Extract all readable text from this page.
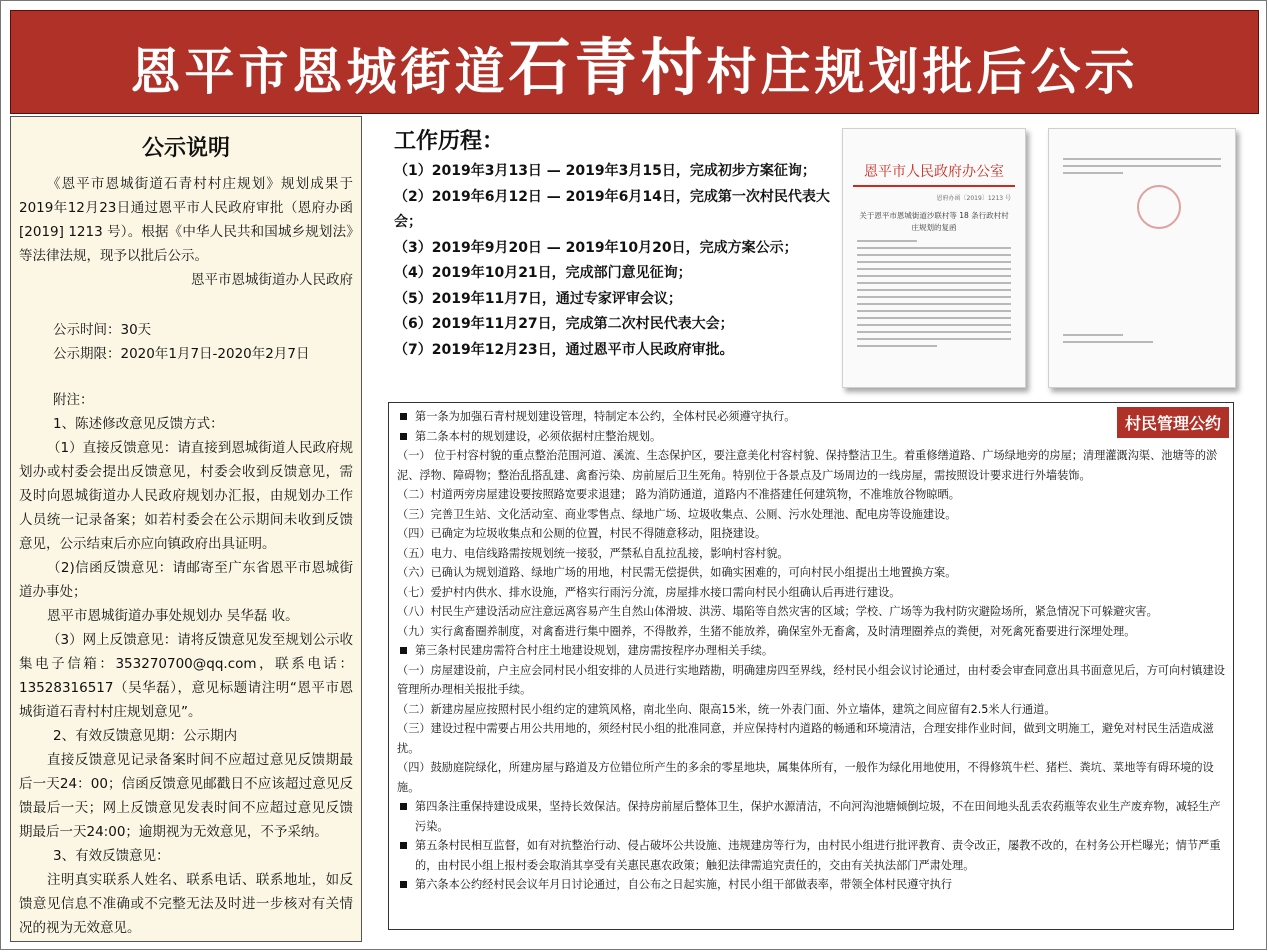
恩平市恩城街道石青村村庄规划批后公示
公示说明

《恩平市恩城街道石青村村庄规划》规划成果于2019年12月23日通过恩平市人民政府审批（恩府办函 [2019] 1213 号）。根据《中华人民共和国城乡规划法》等法律法规，现予以批后公示。

恩平市恩城街道办人民政府

公示时间：30天

公示期限：2020年1月7日-2020年2月7日

附注：

1、陈述修改意见反馈方式：

（1）直接反馈意见：请直接到恩城街道人民政府规划办或村委会提出反馈意见，村委会收到反馈意见，需及时向恩城街道办人民政府规划办汇报，由规划办工作人员统一记录备案；如若村委会在公示期间未收到反馈意见，公示结束后亦应向镇政府出具证明。

（2)信函反馈意见：请邮寄至广东省恩平市恩城街道办事处；

恩平市恩城街道办事处规划办 吴华磊 收。

（3）网上反馈意见：请将反馈意见发至规划公示收集电子信箱：353270700@qq.com，联系电话：13528316517（吴华磊），意见标题请注明“恩平市恩城街道石青村村庄规划意见”。

2、有效反馈意见期：公示期内

直接反馈意见记录备案时间不应超过意见反馈期最后一天24：00；信函反馈意见邮戳日不应该超过意见反馈最后一天；网上反馈意见发表时间不应超过意见反馈期最后一天24:00；逾期视为无效意见，不予采纳。

3、有效反馈意见：

注明真实联系人姓名、联系电话、联系地址，如反馈意见信息不准确或不完整无法及时进一步核对有关情况的视为无效意见。

工作历程：

（1）2019年3月13日 — 2019年3月15日，完成初步方案征询；

（2）2019年6月12日 — 2019年6月14日，完成第一次村民代表大会；

（3）2019年9月20日 — 2019年10月20日，完成方案公示；

（4）2019年10月21日，完成部门意见征询；

（5）2019年11月7日，通过专家评审会议；

（6）2019年11月27日，完成第二次村民代表大会；

（7）2019年12月23日，通过恩平市人民政府审批。

恩平市人民政府办公室
恩府办函〔2019〕1213 号
关于恩平市恩城街道沙联村等 18 条行政村村庄规划的复函
村民管理公约

第一条为加强石青村规划建设管理，特制定本公约，全体村民必须遵守执行。

第二条本村的规划建设，必须依据村庄整治规划。

（一） 位于村容村貌的重点整治范围河道、溪流、生态保护区，要注意美化村容村貌、保持整洁卫生。着重修缮道路、广场绿地旁的房屋；清理灌溉沟渠、池塘等的淤泥、浮物、障碍物；整治乱搭乱建、禽畜污染、房前屋后卫生死角。特别位于各景点及广场周边的一线房屋，需按照设计要求进行外墙装饰。

（二）村道两旁房屋建设要按照路宽要求退建； 路为消防通道，道路内不准搭建任何建筑物，不准堆放谷物晾晒。

（三）完善卫生站、文化活动室、商业零售点、绿地广场、垃圾收集点、公厕、污水处理池、配电房等设施建设。

（四）已确定为垃圾收集点和公厕的位置，村民不得随意移动，阻挠建设。

（五）电力、电信线路需按规划统一接驳，严禁私自乱拉乱接，影响村容村貌。

（六）已确认为规划道路、绿地广场的用地，村民需无偿提供，如确实困难的，可向村民小组提出土地置换方案。

（七）爱护村内供水、排水设施，严格实行雨污分流，房屋排水接口需向村民小组确认后再进行建设。

（八）村民生产建设活动应注意远离容易产生自然山体滑坡、洪涝、塌陷等自然灾害的区域；学校、广场等为我村防灾避险场所，紧急情况下可躲避灾害。

（九）实行禽畜圈养制度，对禽畜进行集中圈养，不得散养，生猪不能放养，确保室外无畜禽，及时清理圈养点的粪便，对死禽死畜要进行深埋处理。

第三条村民建房需符合村庄土地建设规划，建房需按程序办理相关手续。

（一）房屋建设前，户主应会同村民小组安排的人员进行实地踏勘，明确建房四至界线，经村民小组会议讨论通过，由村委会审查同意出具书面意见后，方可向村镇建设管理所办理相关报批手续。

（二）新建房屋应按照村民小组约定的建筑风格，南北坐向、限高15米，统一外表门面、外立墙体，建筑之间应留有2.5米人行通道。

（三）建设过程中需要占用公共用地的，须经村民小组的批准同意，并应保持村内道路的畅通和环境清洁，合理安排作业时间，做到文明施工，避免对村民生活造成滋扰。

（四）鼓励庭院绿化，所建房屋与路道及方位错位所产生的多余的零星地块，属集体所有，一般作为绿化用地使用，不得修筑牛栏、猪栏、粪坑、菜地等有碍环境的设施。

第四条注重保持建设成果，坚持长效保洁。保持房前屋后整体卫生，保护水源清洁，不向河沟池塘倾倒垃圾，不在田间地头乱丢农药瓶等农业生产废弃物，减轻生产污染。

第五条村民相互监督，如有对抗整治行动、侵占破坏公共设施、违规建房等行为，由村民小组进行批评教育、责令改正，屡教不改的，在村务公开栏曝光；情节严重的，由村民小组上报村委会取消其享受有关惠民惠农政策；触犯法律需追究责任的，交由有关执法部门严肃处理。

第六条本公约经村民会议年月日讨论通过，自公布之日起实施，村民小组干部做表率，带领全体村民遵守执行
